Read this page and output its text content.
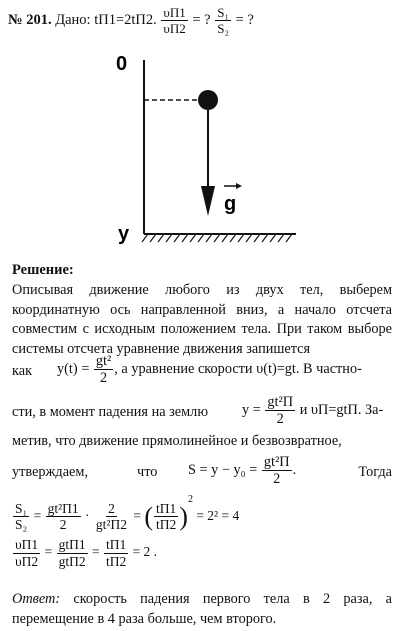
№ 201. Дано: tП1=2tП2. $\frac{\upsilon П1}{\upsilon П2}$ = ? $\frac{\text{S₁}}{\text{S₂}}$ = ?
0
g
y
Решение:
Описывая движение любого из двух тел, выберем координатную ось направленной вниз, а начало отсчета совместим с исходным положением тела. При таком выборе системы отсчета уравнение движения запишется
как $y(t) = \frac{\text{gt²}}{2}$ , а уравнение скорости υ(t)=gt. В частно-
сти, в момент падения на землю $y = \frac{\text{gt²П}}{2}$ и υП=gtП. За-
метив, что движение прямолинейное и безвозвратное,
утверждаем,	что $S = y - y_0 = \frac{\text{gt²П}}{2}$ .	Тогда
$\frac{\text{S₁}}{\text{S₂}} = \frac{\text{gt²П1}}{2} \cdot \frac{2}{\text{gt²П2}}$ = ( $\frac{tП1}{tП2} )^2 = 2^2 = 4$
$\frac{\upsilon П1}{\upsilon П2} = \frac{\text{gtП1}}{\text{gtП2}} = \frac{tП1}{tП2} = 2$ .
Ответ: скорость падения первого тела в 2 раза, а перемещение в 4 раза больше, чем второго.
